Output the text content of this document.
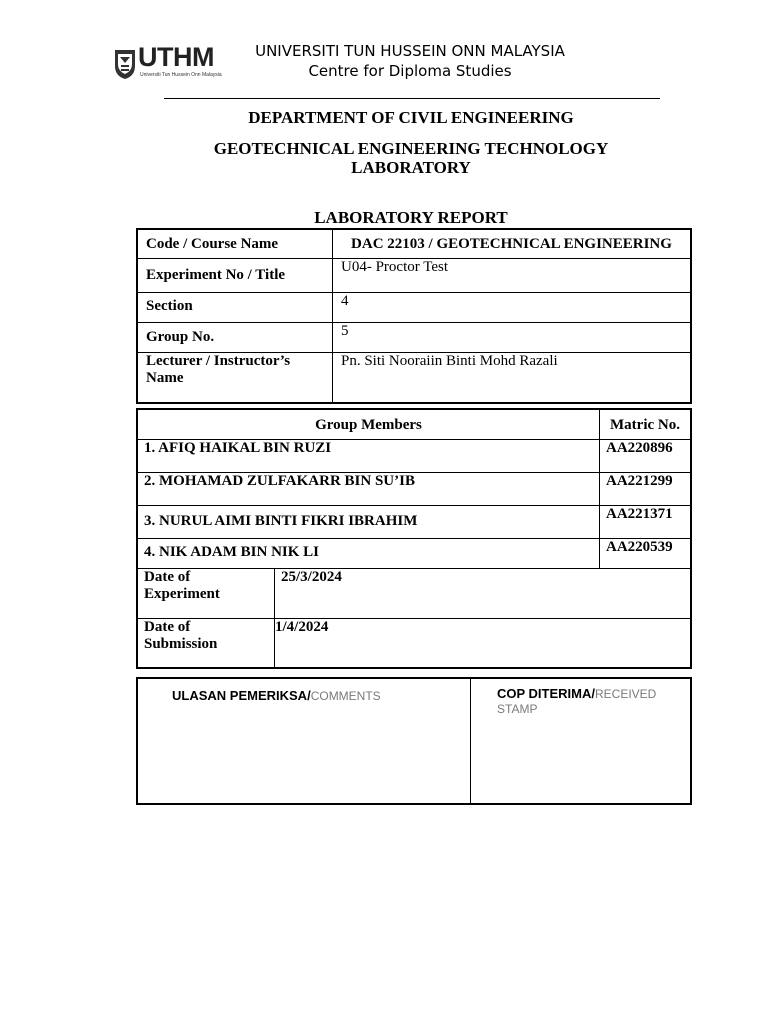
UTHM
Universiti Tun Hussein Onn Malaysia
UNIVERSITI TUN HUSSEIN ONN MALAYSIA
Centre for Diploma Studies
DEPARTMENT OF CIVIL ENGINEERING
GEOTECHNICAL ENGINEERING TECHNOLOGY
LABORATORY
LABORATORY REPORT
Code / Course Name	DAC 22103 / GEOTECHNICAL ENGINEERING
Experiment No / Title	U04- Proctor Test
Section	4
Group No.	5

Lecturer / Instructor’s
Name	Pn. Siti Nooraiin Binti Mohd Razali
Group Members		Matric No.
1. AFIQ HAIKAL BIN RUZI		AA220896
2. MOHAMAD ZULFAKARR BIN SU’IB		AA221299
3. NURUL AIMI BINTI FIKRI IBRAHIM		AA221371
4. NIK ADAM BIN NIK LI		AA220539

Date of
Experiment	25/3/2024	

Date of
Submission	1/4/2024	
ULASAN PEMERIKSA/COMMENTS	COP DITERIMA/RECEIVED STAMP
